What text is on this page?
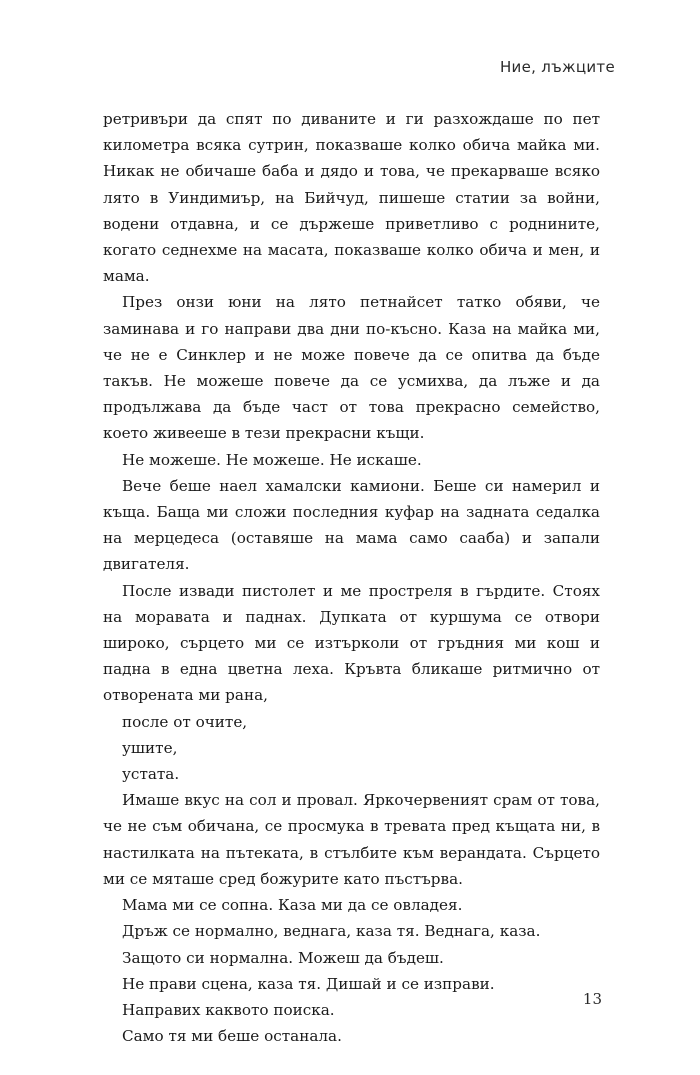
Ние, лъжците

ретривъри да спят по диваните и ги разхождаше по пет километра всяка сутрин, показваше колко обича майка ми. Никак не обичаше баба и дядо и това, че прекарваше всяко лято в Уиндимиър, на Бийчуд, пишеше статии за войни, водени отдавна, и се държеше приветливо с роднините, когато седнехме на масата, показваше колко обича и мен, и мама.

През онзи юни на лято петнайсет татко обяви, че заминава и го направи два дни по-късно. Каза на майка ми, че не е Синклер и не може повече да се опитва да бъде такъв. Не можеше повече да се усмихва, да лъже и да продължава да бъде част от това прекрасно семейство, което живееше в тези прекрасни къщи.

Не можеше. Не можеше. Не искаше.

Вече беше наел хамалски камиони. Беше си намерил и къща. Баща ми сложи последния куфар на задната седалка на мерцедеса (оставяше на мама само сааба) и запали двигателя.

После извади пистолет и ме простреля в гърдите. Стоях на моравата и паднах. Дупката от куршума се отвори широко, сърцето ми се изтъркoли от гръдния ми кош и падна в една цветна леха. Кръвта бликаше ритмично от отворената ми рана,

после от очите,

ушите,

устата.

Имаше вкус на сол и провал. Яркочервеният срам от това, че не съм обичана, се просмука в тревата пред къщата ни, в настилката на пътеката, в стълбите към верандата. Сърцето ми се мяташе сред божурите като пъстърва.

Мама ми се сопна. Каза ми да се овладея.

Дръж се нормално, веднага, каза тя. Веднага, каза.

Защото си нормална. Можеш да бъдеш.

Не прави сцена, каза тя. Дишай и се изправи.

Направих каквото поиска.

Само тя ми беше останала.

13
